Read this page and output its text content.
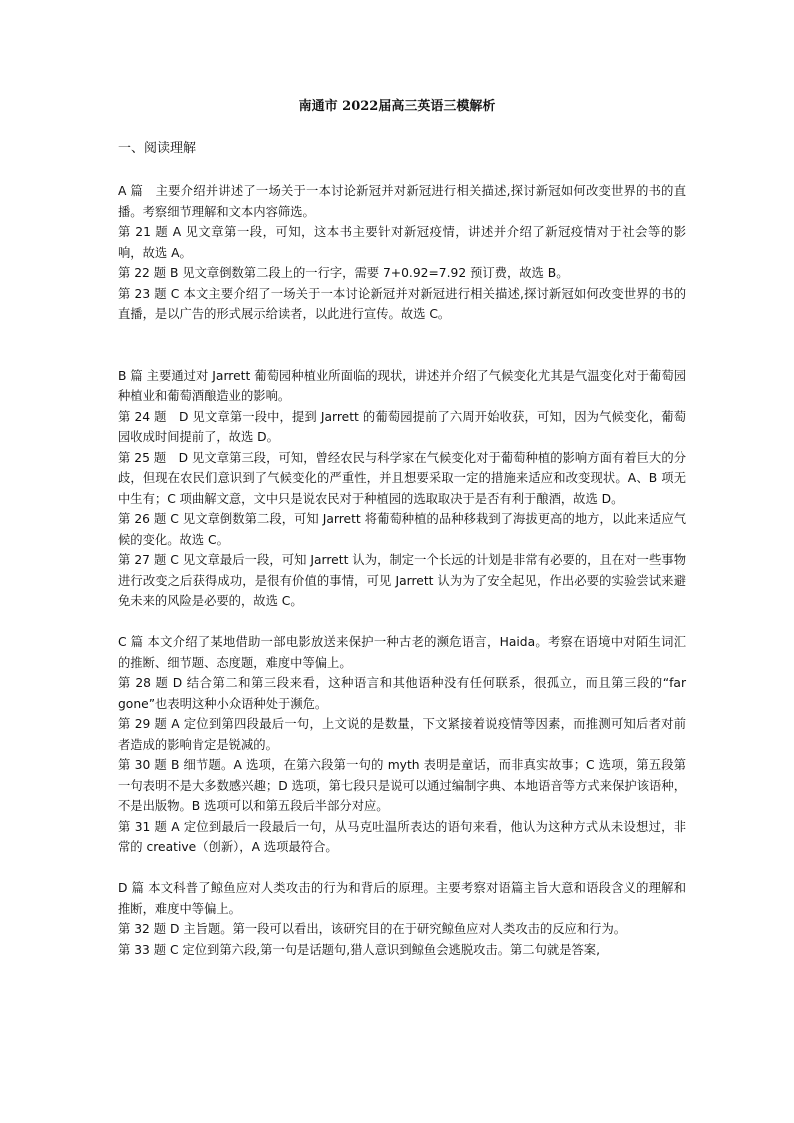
南通市 2022届高三英语三模解析
一、阅读理解

A 篇　主要介绍并讲述了一场关于一本讨论新冠并对新冠进行相关描述,探讨新冠如何改变世界的书的直播。考察细节理解和文本内容筛选。

第 21 题 A 见文章第一段，可知，这本书主要针对新冠疫情，讲述并介绍了新冠疫情对于社会等的影响，故选 A。

第 22 题 B 见文章倒数第二段上的一行字，需要 7+0.92=7.92 预订费，故选 B。

第 23 题 C 本文主要介绍了一场关于一本讨论新冠并对新冠进行相关描述,探讨新冠如何改变世界的书的直播，是以广告的形式展示给读者，以此进行宣传。故选 C。

B 篇 主要通过对 Jarrett 葡萄园种植业所面临的现状，讲述并介绍了气候变化尤其是气温变化对于葡萄园种植业和葡萄酒酿造业的影响。

第 24 题　D 见文章第一段中，提到 Jarrett 的葡萄园提前了六周开始收获，可知，因为气候变化，葡萄园收成时间提前了，故选 D。

第 25 题　D 见文章第三段，可知，曾经农民与科学家在气候变化对于葡萄种植的影响方面有着巨大的分歧，但现在农民们意识到了气候变化的严重性，并且想要采取一定的措施来适应和改变现状。A、B 项无中生有；C 项曲解文意，文中只是说农民对于种植园的选取取决于是否有利于酿酒，故选 D。

第 26 题 C 见文章倒数第二段，可知 Jarrett 将葡萄种植的品种移栽到了海拔更高的地方，以此来适应气候的变化。故选 C。

第 27 题 C 见文章最后一段，可知 Jarrett 认为，制定一个长远的计划是非常有必要的，且在对一些事物进行改变之后获得成功，是很有价值的事情，可见 Jarrett 认为为了安全起见，作出必要的实验尝试来避免未来的风险是必要的，故选 C。

C 篇 本文介绍了某地借助一部电影放送来保护一种古老的濒危语言，Haida。考察在语境中对陌生词汇的推断、细节题、态度题，难度中等偏上。

第 28 题 D 结合第二和第三段来看，这种语言和其他语种没有任何联系，很孤立，而且第三段的“far gone”也表明这种小众语种处于濒危。

第 29 题 A 定位到第四段最后一句，上文说的是数量，下文紧接着说疫情等因素，而推测可知后者对前者造成的影响肯定是锐减的。

第 30 题 B 细节题。A 选项，在第六段第一句的 myth 表明是童话，而非真实故事；C 选项，第五段第一句表明不是大多数感兴趣；D 选项，第七段只是说可以通过编制字典、本地语音等方式来保护该语种，不是出版物。B 选项可以和第五段后半部分对应。

第 31 题 A 定位到最后一段最后一句，从马克吐温所表达的语句来看，他认为这种方式从未设想过，非常的 creative（创新），A 选项最符合。

D 篇 本文科普了鲸鱼应对人类攻击的行为和背后的原理。主要考察对语篇主旨大意和语段含义的理解和推断，难度中等偏上。

第 32 题 D 主旨题。第一段可以看出，该研究目的在于研究鲸鱼应对人类攻击的反应和行为。

第 33 题 C 定位到第六段,第一句是话题句,猎人意识到鲸鱼会逃脱攻击。第二句就是答案,
